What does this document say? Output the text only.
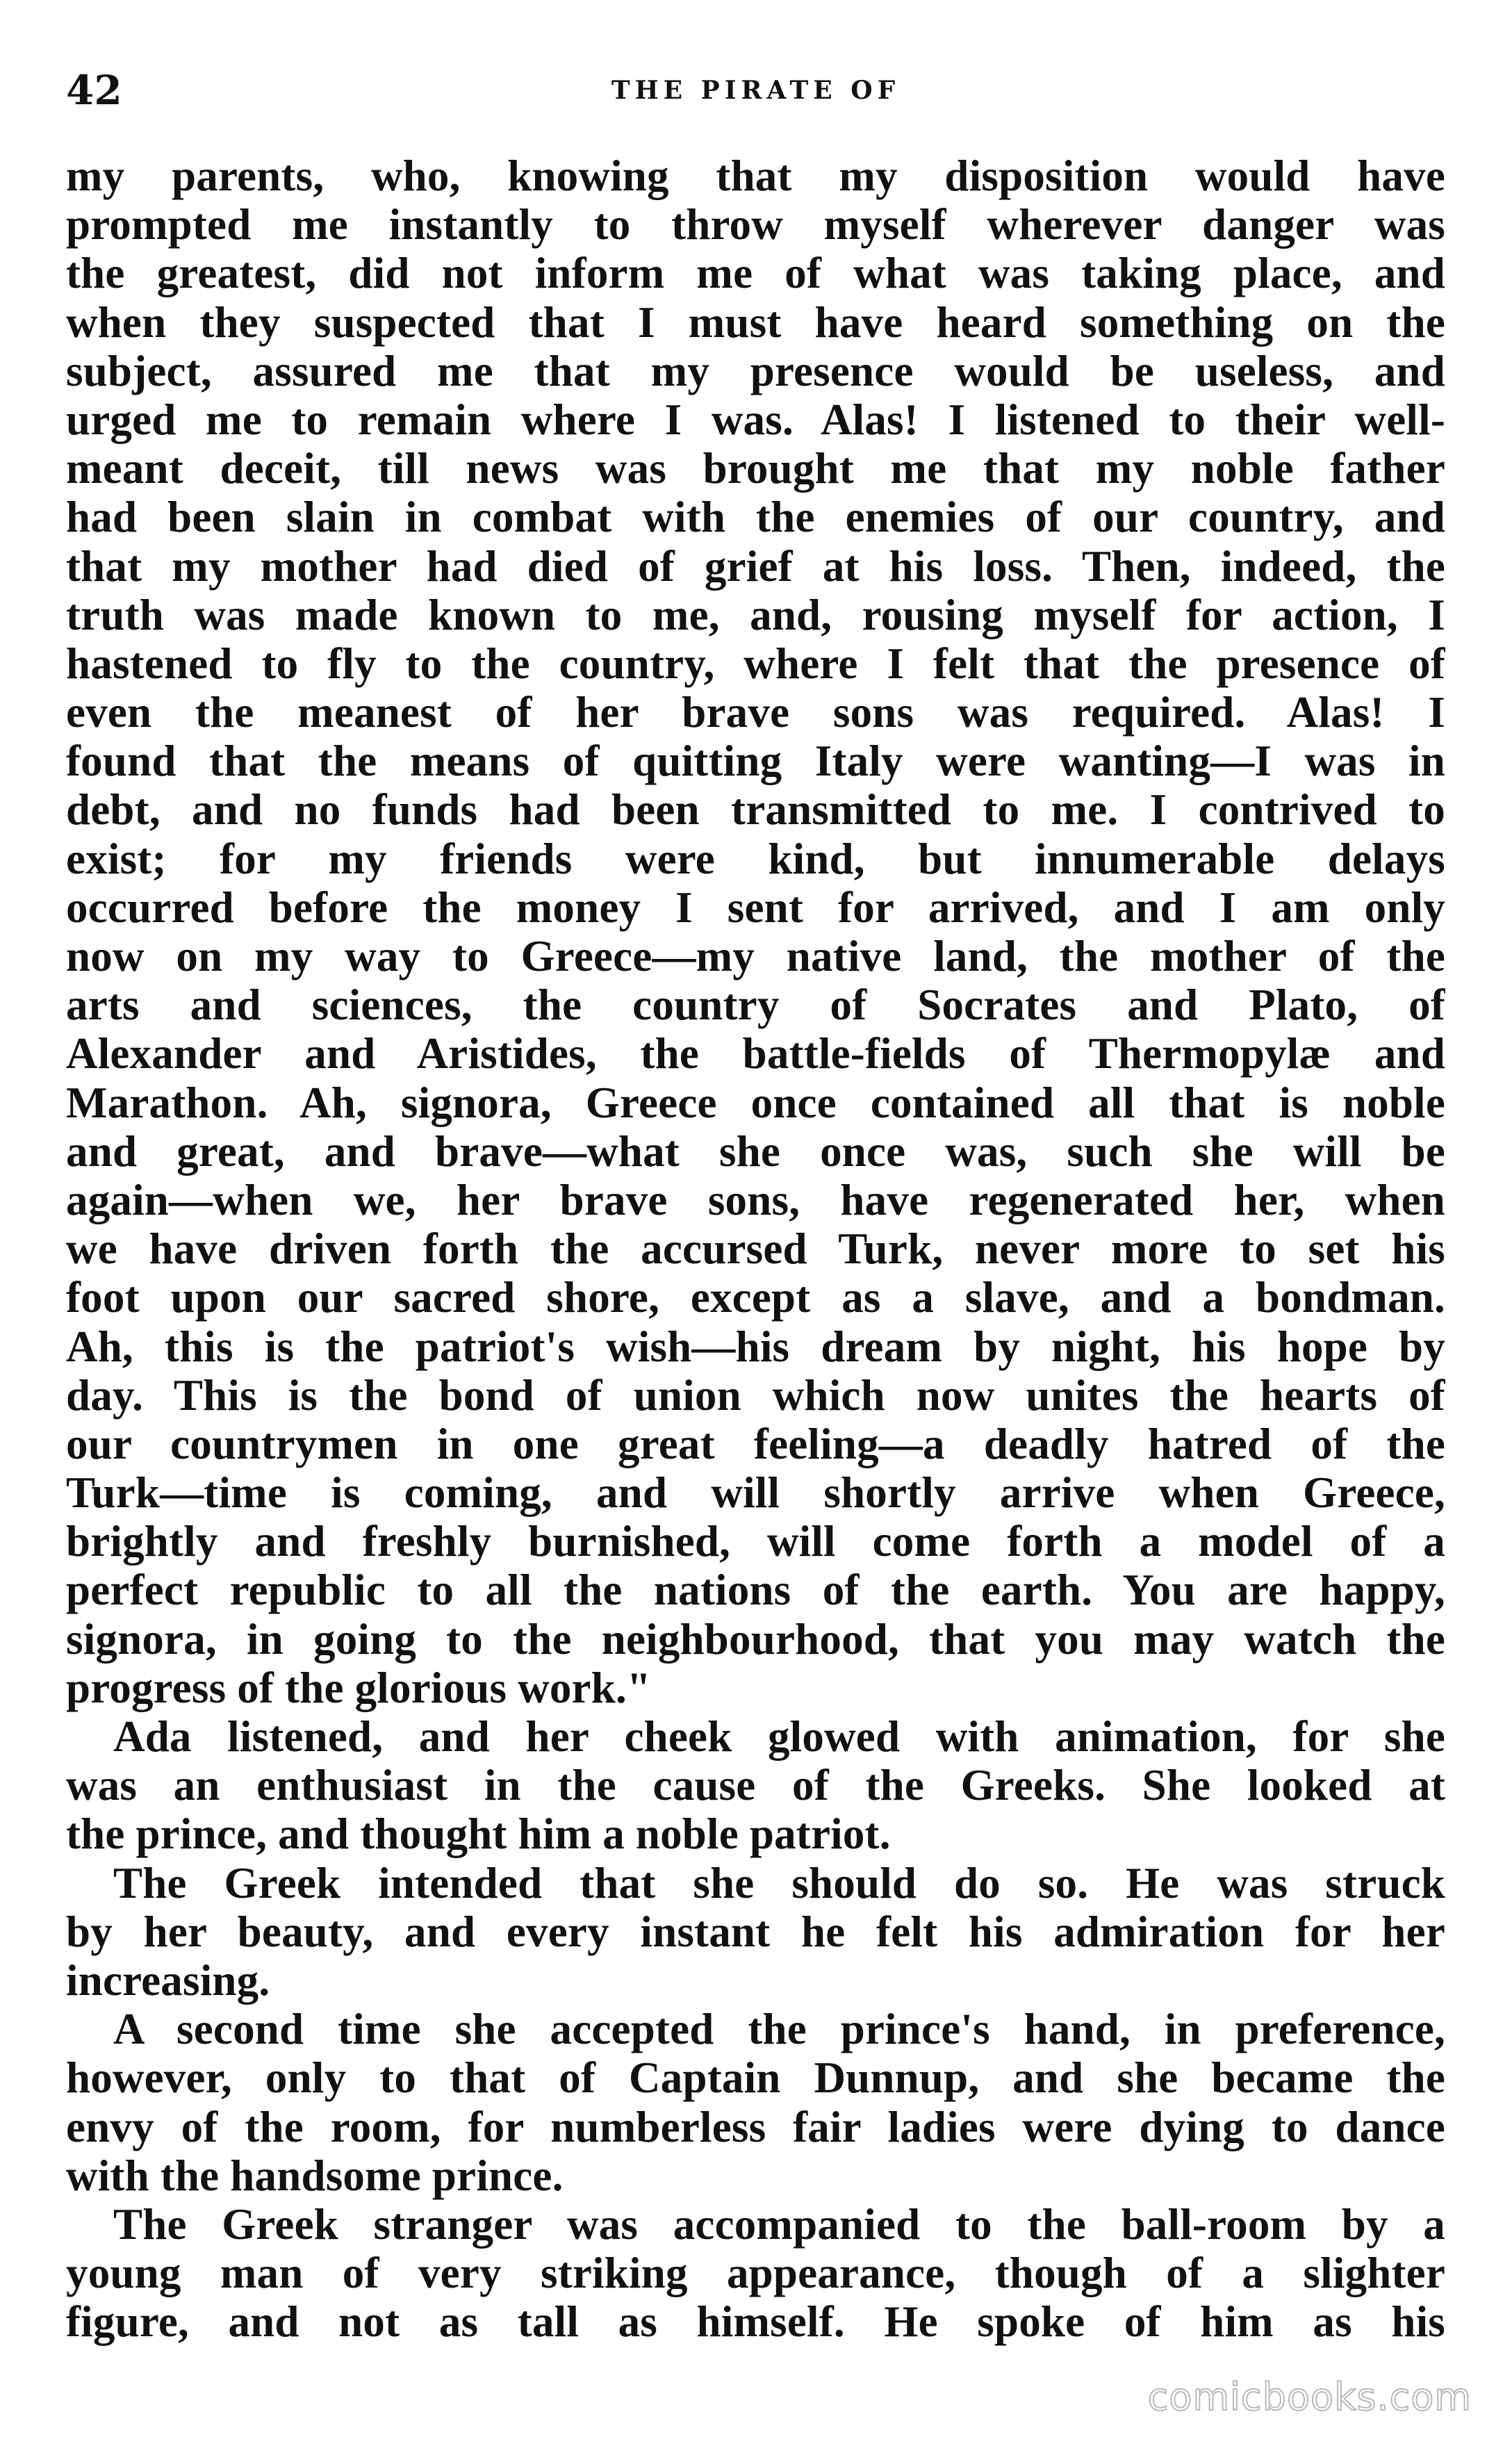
42	THE PIRATE OF
my parents, who, knowing that my disposition would have
prompted me instantly to throw myself wherever danger was
the greatest, did not inform me of what was taking place, and
when they suspected that I must have heard something on the
subject, assured me that my presence would be useless, and
urged me to remain where I was. Alas! I listened to their well-
meant deceit, till news was brought me that my noble father
had been slain in combat with the enemies of our country, and
that my mother had died of grief at his loss. Then, indeed, the
truth was made known to me, and, rousing myself for action, I
hastened to fly to the country, where I felt that the presence of
even the meanest of her brave sons was required. Alas! I
found that the means of quitting Italy were wanting—I was in
debt, and no funds had been transmitted to me. I contrived to
exist; for my friends were kind, but innumerable delays
occurred before the money I sent for arrived, and I am only
now on my way to Greece—my native land, the mother of the
arts and sciences, the country of Socrates and Plato, of
Alexander and Aristides, the battle-fields of Thermopylæ and
Marathon. Ah, signora, Greece once contained all that is noble
and great, and brave—what she once was, such she will be
again—when we, her brave sons, have regenerated her, when
we have driven forth the accursed Turk, never more to set his
foot upon our sacred shore, except as a slave, and a bondman.
Ah, this is the patriot's wish—his dream by night, his hope by
day. This is the bond of union which now unites the hearts of
our countrymen in one great feeling—a deadly hatred of the
Turk—time is coming, and will shortly arrive when Greece,
brightly and freshly burnished, will come forth a model of a
perfect republic to all the nations of the earth. You are happy,
signora, in going to the neighbourhood, that you may watch the
progress of the glorious work."
Ada listened, and her cheek glowed with animation, for she
was an enthusiast in the cause of the Greeks. She looked at
the prince, and thought him a noble patriot.
The Greek intended that she should do so. He was struck
by her beauty, and every instant he felt his admiration for her
increasing.
A second time she accepted the prince's hand, in preference,
however, only to that of Captain Dunnup, and she became the
envy of the room, for numberless fair ladies were dying to dance
with the handsome prince.
The Greek stranger was accompanied to the ball-room by a
young man of very striking appearance, though of a slighter
figure, and not as tall as himself. He spoke of him as his
comicbooks.com
